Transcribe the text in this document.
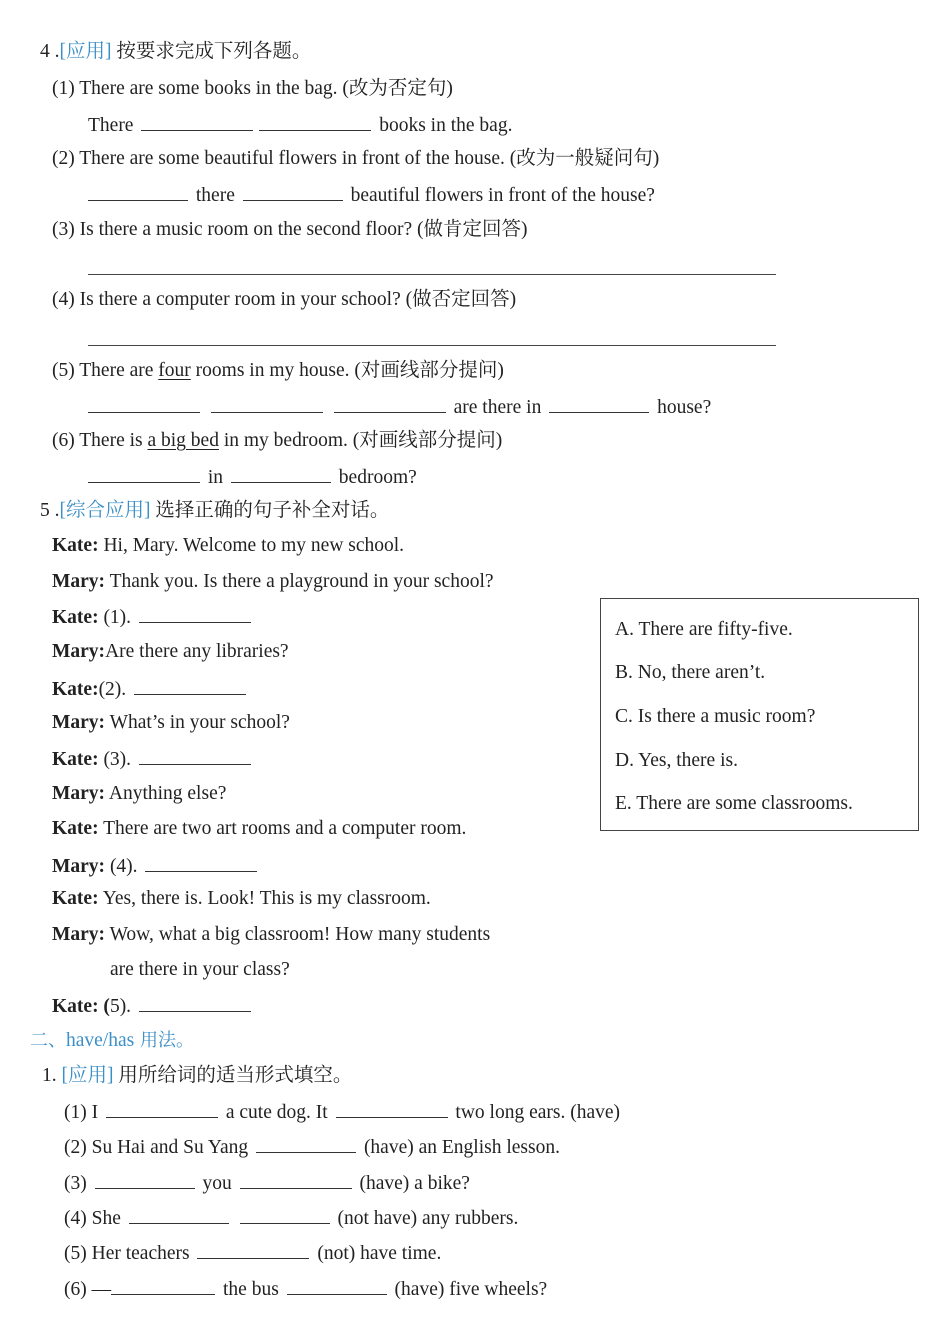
4 .[应用] 按要求完成下列各题。
(1) There are some books in the bag. (改为否定句)
There	books in the bag.
(2) There are some beautiful flowers in front of the house. (改为一般疑问句)
there	beautiful flowers in front of the house?
(3) Is there a music room on the second floor? (做肯定回答)
(4) Is there a computer room in your school? (做否定回答)
(5) There are four rooms in my house. (对画线部分提问)
are there in	house?
(6) There is a big bed in my bedroom. (对画线部分提问)
in	bedroom?
5 .[综合应用] 选择正确的句子补全对话。
Kate: Hi, Mary. Welcome to my new school.
Mary: Thank you. Is there a playground in your school?
Kate: (1).
Mary:Are there any libraries?
Kate:(2).
Mary: What’s in your school?
Kate: (3).
Mary: Anything else?
Kate: There are two art rooms and a computer room.
Mary: (4).
Kate: Yes, there is. Look! This is my classroom.
Mary: Wow, what a big classroom! How many students
are there in your class?
Kate: (5).
A. There are fifty-five.
B. No, there aren’t.
C. Is there a music room?
D. Yes, there is.
E. There are some classrooms.
二、have/has 用法。
1. [应用] 用所给词的适当形式填空。
(1) I	a cute dog. It	two long ears. (have)
(2) Su Hai and Su Yang	(have) an English lesson.
(3)	you	(have) a bike?
(4) She	(not have) any rubbers.
(5) Her teachers	(not) have time.
(6) —	the bus	(have) five wheels?
